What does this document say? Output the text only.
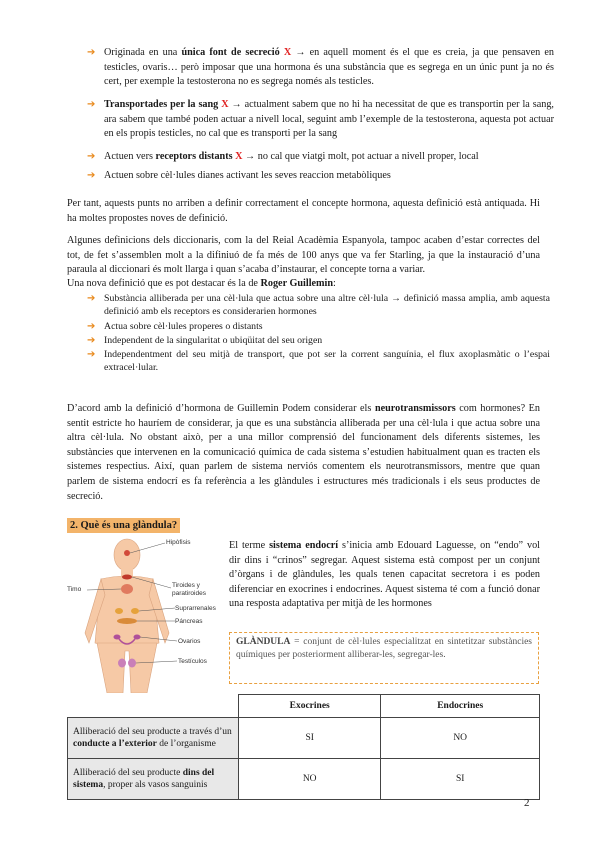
➔ Originada en una única font de secreció X → en aquell moment és el que es creia, ja que pensaven en testicles, ovaris… però imposar que una hormona és una substància que es segrega en un únic punt ja no és cert, per exemple la testosterona no es segrega només als testicles.
➔ Transportades per la sang X → actualment sabem que no hi ha necessitat de que es transportin per la sang, ara sabem que també poden actuar a nivell local, seguint amb l’exemple de la testosterona, aquesta pot actuar en els propis testicles, no cal que es transporti per la sang
➔ Actuen vers receptors distants X → no cal que viatgi molt, pot actuar a nivell proper, local
➔ Actuen sobre cèl·lules dianes activant les seves reaccion metabòliques
Per tant, aquests punts no arriben a definir correctament el concepte hormona, aquesta definició està antiquada. Hi ha moltes propostes noves de definició.
Algunes definicions dels diccionaris, com la del Reial Acadèmia Espanyola, tampoc acaben d’estar correctes del tot, de fet s’assemblen molt a la difiniuó de fa més de 100 anys que va fer Starling, ja que la instauració d’una paraula al diccionari és molt llarga i quan s’acaba d’instaurar, el concepte torna a variar.
Una nova definició que es pot destacar és la de Roger Guillemin:
➔ Substància alliberada per una cèl·lula que actua sobre una altre cèl·lula → definició massa amplia, amb aquesta definició amb els receptors es considerarien hormones
➔ Actua sobre cèl·lules properes o distants
➔ Independent de la singularitat o ubiqüitat del seu origen
➔ Independentment del seu mitjà de transport, que pot ser la corrent sanguínia, el flux axoplasmàtic o l’espai extracel·lular.
D’acord amb la definició d’hormona de Guillemin Podem considerar els neurotransmissors com hormones? En sentit estricte ho hauríem de considerar, ja que es una substància alliberada per una cèl·lula i que actua sobre una altra cèl·lula. No obstant això, per a una millor comprensió del funcionament dels diferents sistemes, les substàncies que intervenen en la comunicació química de cada sistema s’estudien habitualment quan es tracten els sistemes respectius. Així, quan parlem de sistema nerviós comentem els neurotransmissors, mentre que quan parlem de sistema endocrí es fa referència a les glàndules i estructures més tradicionals i els seus productes de secreció.
2. Què és una glàndula?
Hipòfisis
Timo
Tiroides y paratiroides
Suprarrenales
Páncreas
Ovarios
Testículos
El terme sistema endocrí s’inicia amb Edouard Laguesse, on “endo” vol dir dins i “crinos” segregar. Aquest sistema està compost per un conjunt d’òrgans i de glàndules, les quals tenen capacitat secretora i es poden diferenciar en exocrines i endocrines. Aquest sistema té com a funció donar una resposta adaptativa per mitjà de les hormones
GLÀNDULA = conjunt de cèl·lules especialitzat en sintetitzar substàncies químiques per posteriorment alliberar-les, segregar-les.
	Exocrines	Endocrines
Alliberació del seu producte a través d’un conducte a l’exterior de l’organisme	SI	NO
Alliberació del seu producte dins del sistema, proper als vasos sanguinis	NO	SI
2
